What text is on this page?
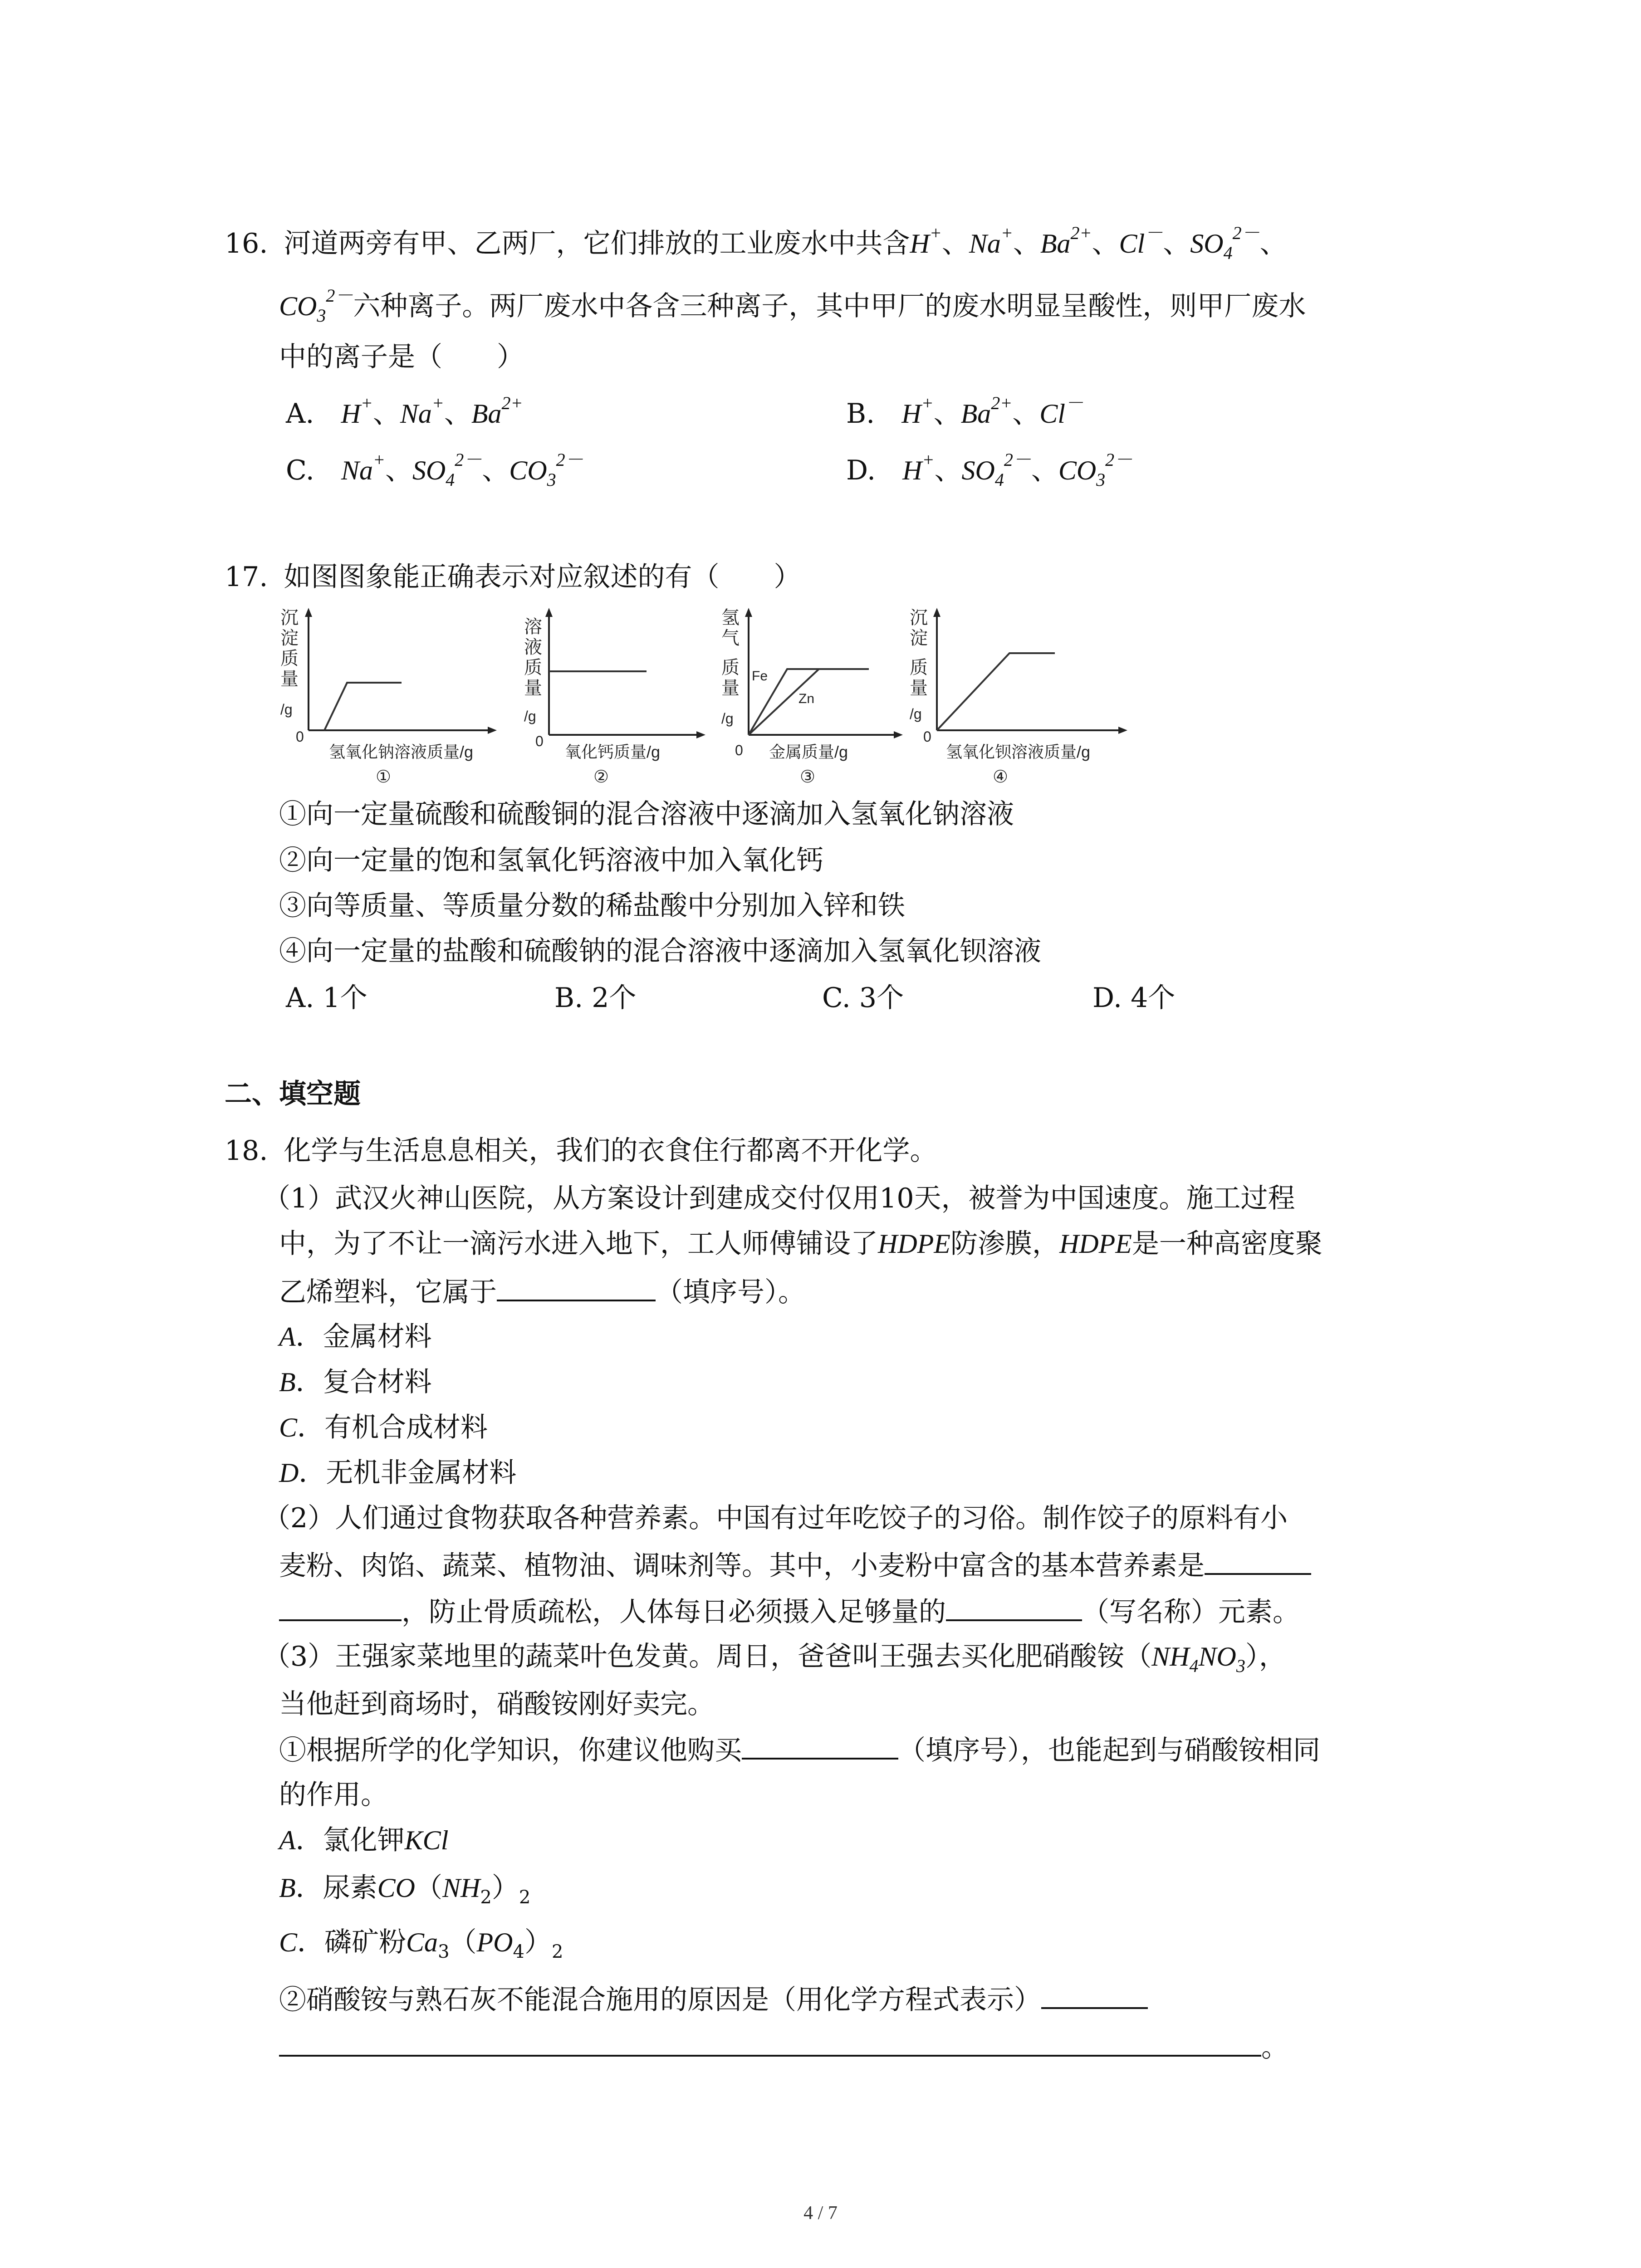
16. 河道两旁有甲、乙两厂，它们排放的工业废水中共含H+、Na+、$Ba^{2+}$、Cl－、$SO_4^{2-}$、
$CO_3^{2-}$六种离子。两厂废水中各含三种离子，其中甲厂的废水明显呈酸性，则甲厂废水
中的离子是（　　）
A. H+、Na+、$Ba^{2+}$	B. H+、$Ba^{2+}$、Cl－
C. Na+、$SO_4^{2-}$、$CO_3^{2-}$	D. H+、$SO_4^{2-}$、$CO_3^{2-}$
17. 如图图象能正确表示对应叙述的有（　　）
沉
淀
质
量
/g
0
氢氧化钠溶液质量/g
①
溶
液
质
量
/g
0
氧化钙质量/g
②
氢
气
质
量
/g
0 金属质量/g
③
Fe
Zn
沉
淀
质
量
/g
0
氢氧化钡溶液质量/g
④
①向一定量硫酸和硫酸铜的混合溶液中逐滴加入氢氧化钠溶液
②向一定量的饱和氢氧化钙溶液中加入氧化钙
③向等质量、等质量分数的稀盐酸中分别加入锌和铁
④向一定量的盐酸和硫酸钠的混合溶液中逐滴加入氢氧化钡溶液
A. 1个	B. 2个	C. 3个	D. 4个
二、填空题
18. 化学与生活息息相关，我们的衣食住行都离不开化学。
（1）武汉火神山医院，从方案设计到建成交付仅用10天，被誉为中国速度。施工过程
中，为了不让一滴污水进入地下，工人师傅铺设了HDPE防渗膜，HDPE是一种高密度聚
乙烯塑料，它属于	（填序号）。
A．金属材料
B．复合材料
C．有机合成材料
D．无机非金属材料
（2）人们通过食物获取各种营养素。中国有过年吃饺子的习俗。制作饺子的原料有小
麦粉、肉馅、蔬菜、植物油、调味剂等。其中，小麦粉中富含的基本营养素是
，防止骨质疏松，人体每日必须摄入足够量的	（写名称）元素。
（3）王强家菜地里的蔬菜叶色发黄。周日，爸爸叫王强去买化肥硝酸铵$(NH_4NO_3)$，
当他赶到商场时，硝酸铵刚好卖完。
①根据所学的化学知识，你建议他购买	（填序号），也能起到与硝酸铵相同
的作用。
A．氯化钾KCl
B．尿素$CO(NH_2)_2$
C．磷矿粉$Ca_3(PO_4)_2$
②硝酸铵与熟石灰不能混合施用的原因是（用化学方程式表示）
。
4 / 7
